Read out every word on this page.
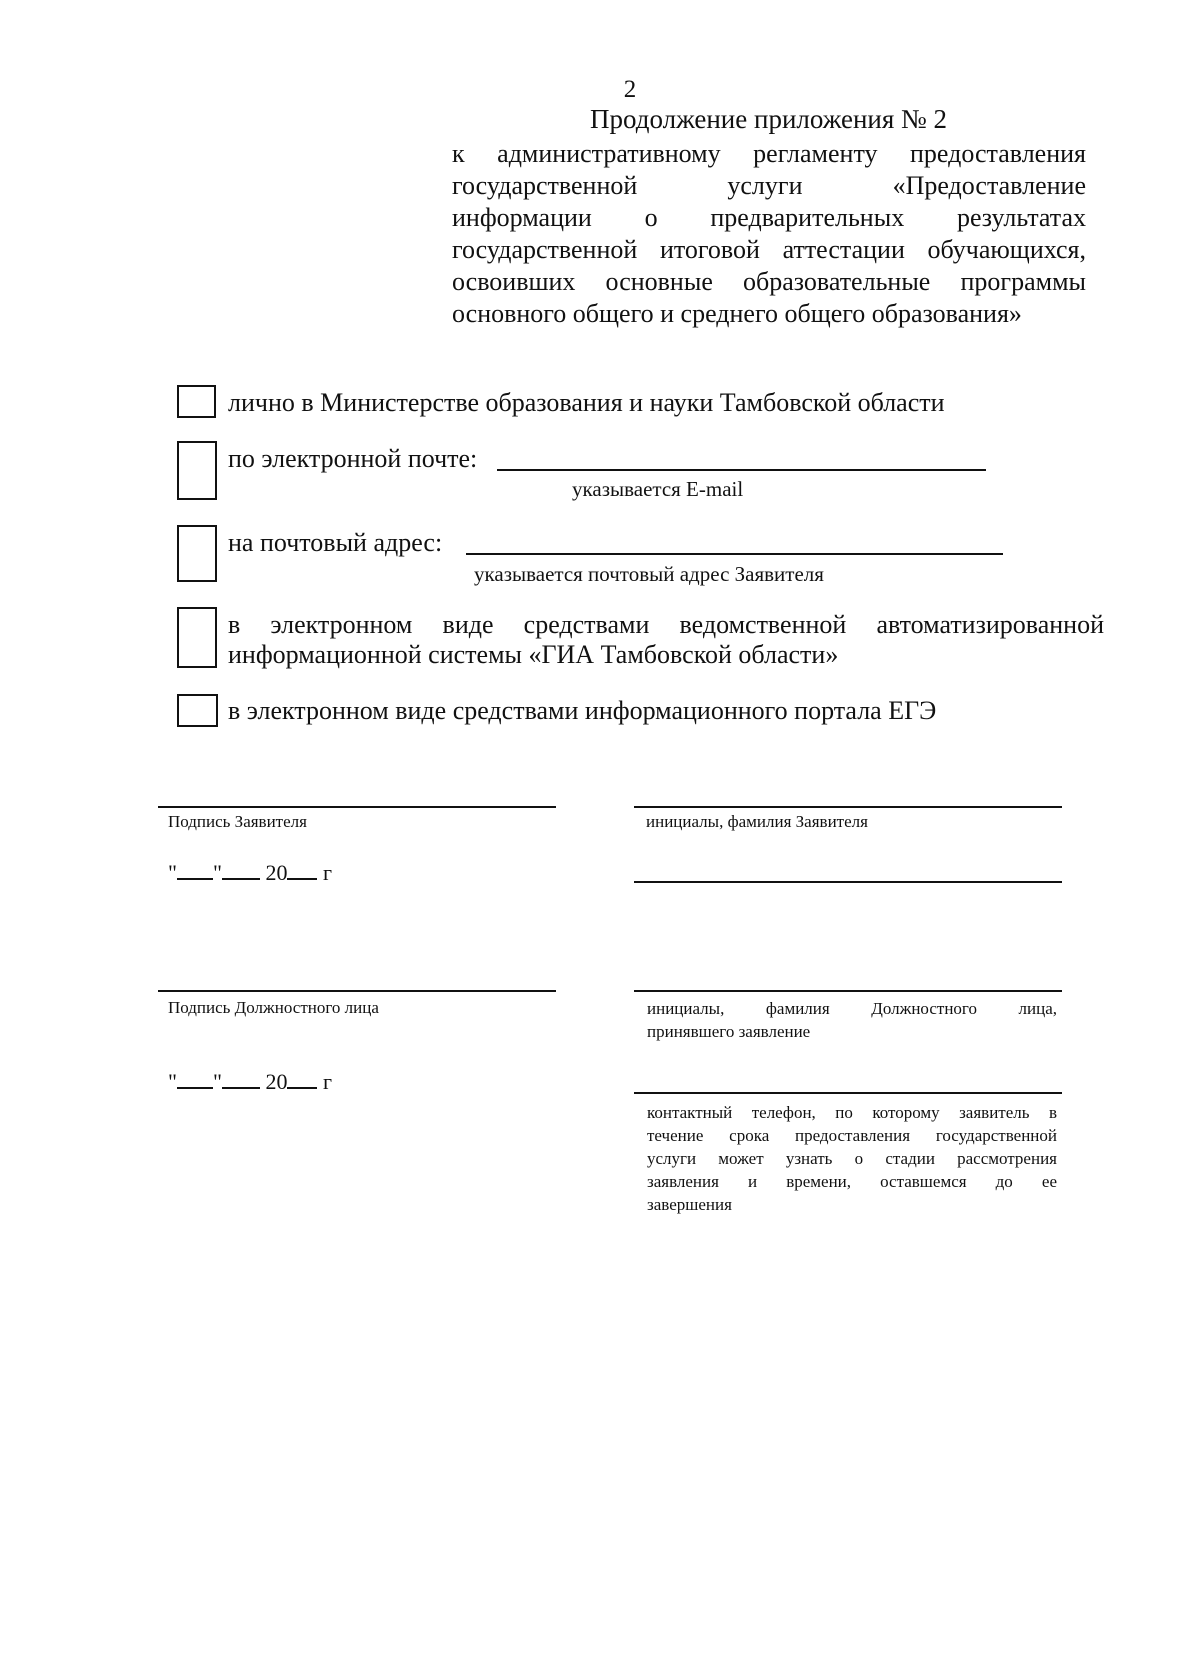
2
Продолжение приложения № 2
к административному регламенту предоставления
государственной услуги «Предоставление
информации о предварительных результатах
государственной итоговой аттестации обучающихся,
освоивших основные образовательные программы
основного общего и среднего общего образования»
лично в Министерстве образования и науки Тамбовской области
по электронной почте:
указывается E-mail
на почтовый адрес:
указывается почтовый адрес Заявителя
в электронном виде средствами ведомственной автоматизированной
информационной системы «ГИА Тамбовской области»
в электронном виде средствами информационного портала ЕГЭ
Подпись Заявителя	инициалы, фамилия Заявителя
" " 20 г
Подпись Должностного лица	инициалы, фамилия Должностного лица,
принявшего заявление
" " 20 г
контактный телефон, по которому заявитель в
течение срока предоставления государственной
услуги может узнать о стадии рассмотрения
заявления и времени, оставшемся до ее
завершения
